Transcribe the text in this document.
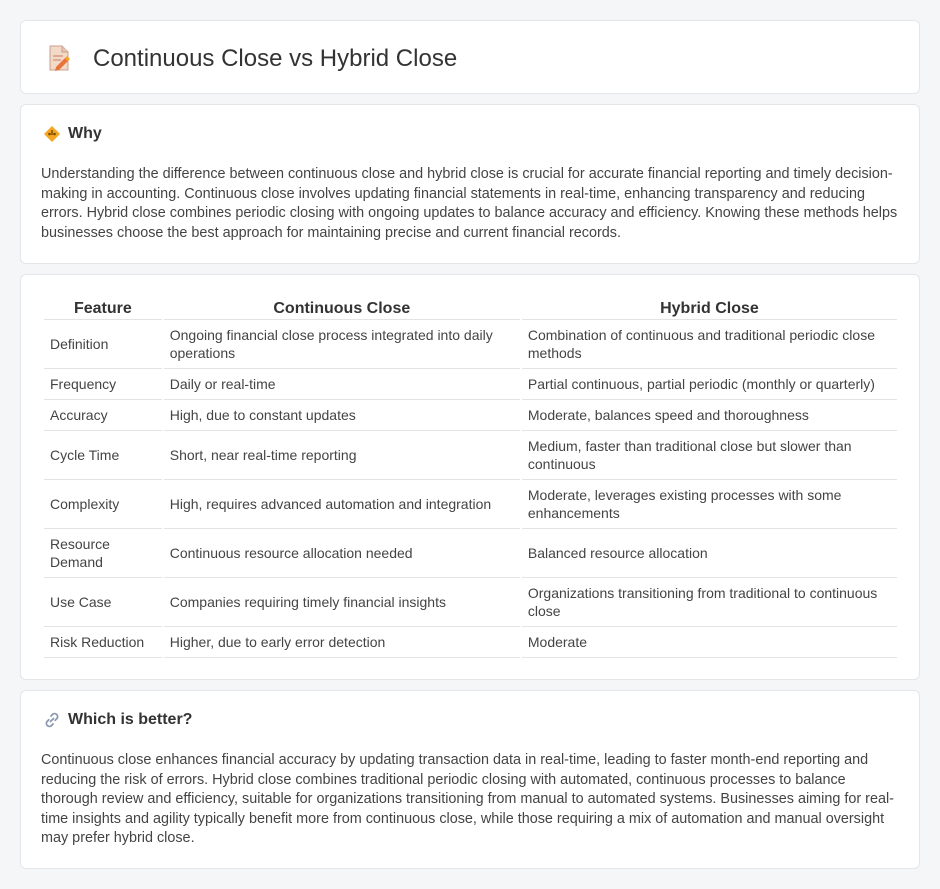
Continuous Close vs Hybrid Close
Why

Understanding the difference between continuous close and hybrid close is crucial for accurate financial reporting and timely decision-making in accounting. Continuous close involves updating financial statements in real-time, enhancing transparency and reducing errors. Hybrid close combines periodic closing with ongoing updates to balance accuracy and efficiency. Knowing these methods helps businesses choose the best approach for maintaining precise and current financial records.

Feature	Continuous Close	Hybrid Close
Definition	Ongoing financial close process integrated into daily operations	Combination of continuous and traditional periodic close methods
Frequency	Daily or real-time	Partial continuous, partial periodic (monthly or quarterly)
Accuracy	High, due to constant updates	Moderate, balances speed and thoroughness
Cycle Time	Short, near real-time reporting	Medium, faster than traditional close but slower than continuous
Complexity	High, requires advanced automation and integration	Moderate, leverages existing processes with some enhancements
Resource Demand	Continuous resource allocation needed	Balanced resource allocation
Use Case	Companies requiring timely financial insights	Organizations transitioning from traditional to continuous close
Risk Reduction	Higher, due to early error detection	Moderate
Which is better?

Continuous close enhances financial accuracy by updating transaction data in real-time, leading to faster month-end reporting and reducing the risk of errors. Hybrid close combines traditional periodic closing with automated, continuous processes to balance thorough review and efficiency, suitable for organizations transitioning from manual to automated systems. Businesses aiming for real-time insights and agility typically benefit more from continuous close, while those requiring a mix of automation and manual oversight may prefer hybrid close.
